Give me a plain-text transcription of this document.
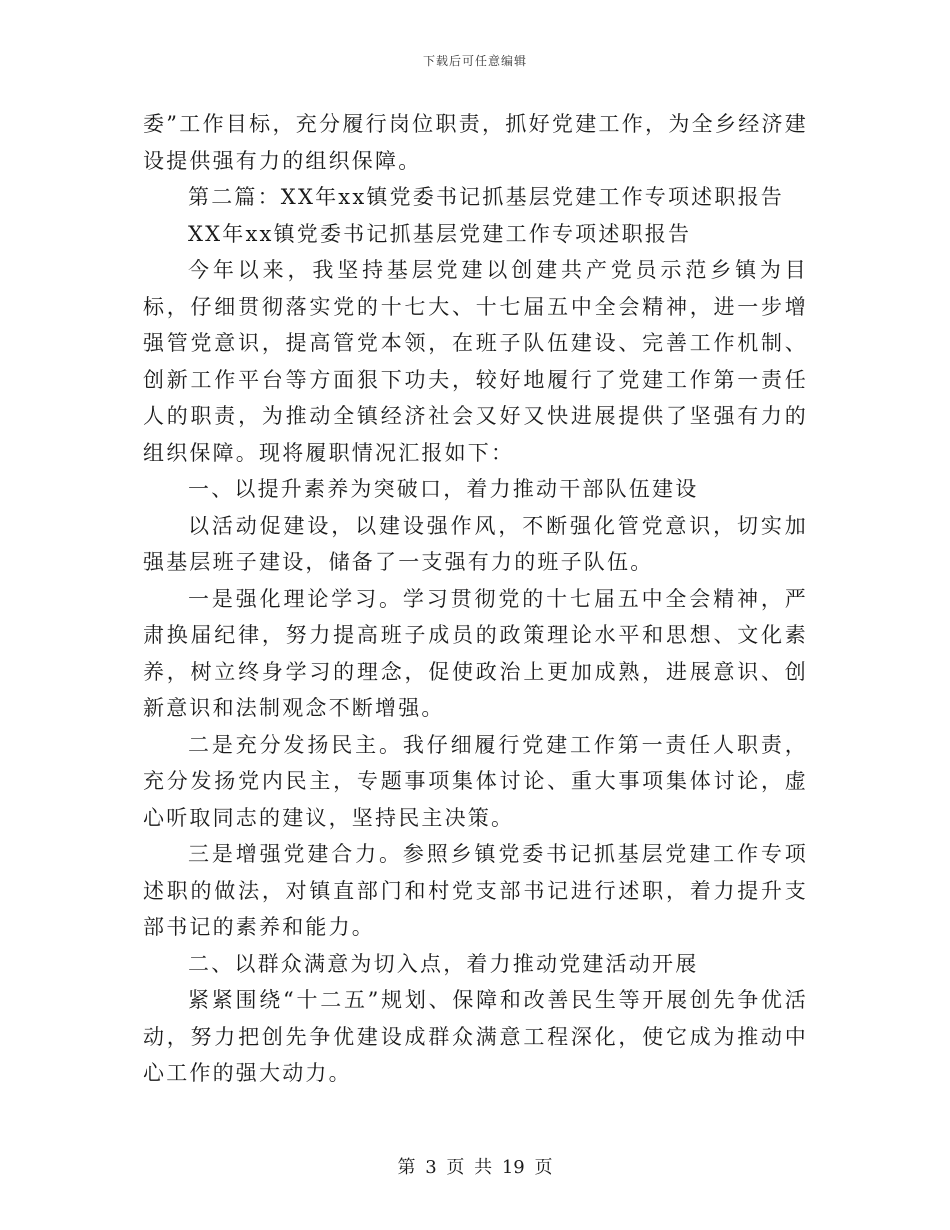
下载后可任意编辑

委”工作目标，充分履行岗位职责，抓好党建工作，为全乡经济建设提供强有力的组织保障。

第二篇：XX年xx镇党委书记抓基层党建工作专项述职报告

XX年xx镇党委书记抓基层党建工作专项述职报告

今年以来，我坚持基层党建以创建共产党员示范乡镇为目标，仔细贯彻落实党的十七大、十七届五中全会精神，进一步增强管党意识，提高管党本领，在班子队伍建设、完善工作机制、创新工作平台等方面狠下功夫，较好地履行了党建工作第一责任人的职责，为推动全镇经济社会又好又快进展提供了坚强有力的组织保障。现将履职情况汇报如下：

一、以提升素养为突破口，着力推动干部队伍建设

以活动促建设，以建设强作风，不断强化管党意识，切实加强基层班子建设，储备了一支强有力的班子队伍。

一是强化理论学习。学习贯彻党的十七届五中全会精神，严肃换届纪律，努力提高班子成员的政策理论水平和思想、文化素养，树立终身学习的理念，促使政治上更加成熟，进展意识、创新意识和法制观念不断增强。

二是充分发扬民主。我仔细履行党建工作第一责任人职责，充分发扬党内民主，专题事项集体讨论、重大事项集体讨论，虚心听取同志的建议，坚持民主决策。

三是增强党建合力。参照乡镇党委书记抓基层党建工作专项述职的做法，对镇直部门和村党支部书记进行述职，着力提升支部书记的素养和能力。

二、以群众满意为切入点，着力推动党建活动开展

紧紧围绕“十二五”规划、保障和改善民生等开展创先争优活动，努力把创先争优建设成群众满意工程深化，使它成为推动中心工作的强大动力。

第 3 页 共 19 页
